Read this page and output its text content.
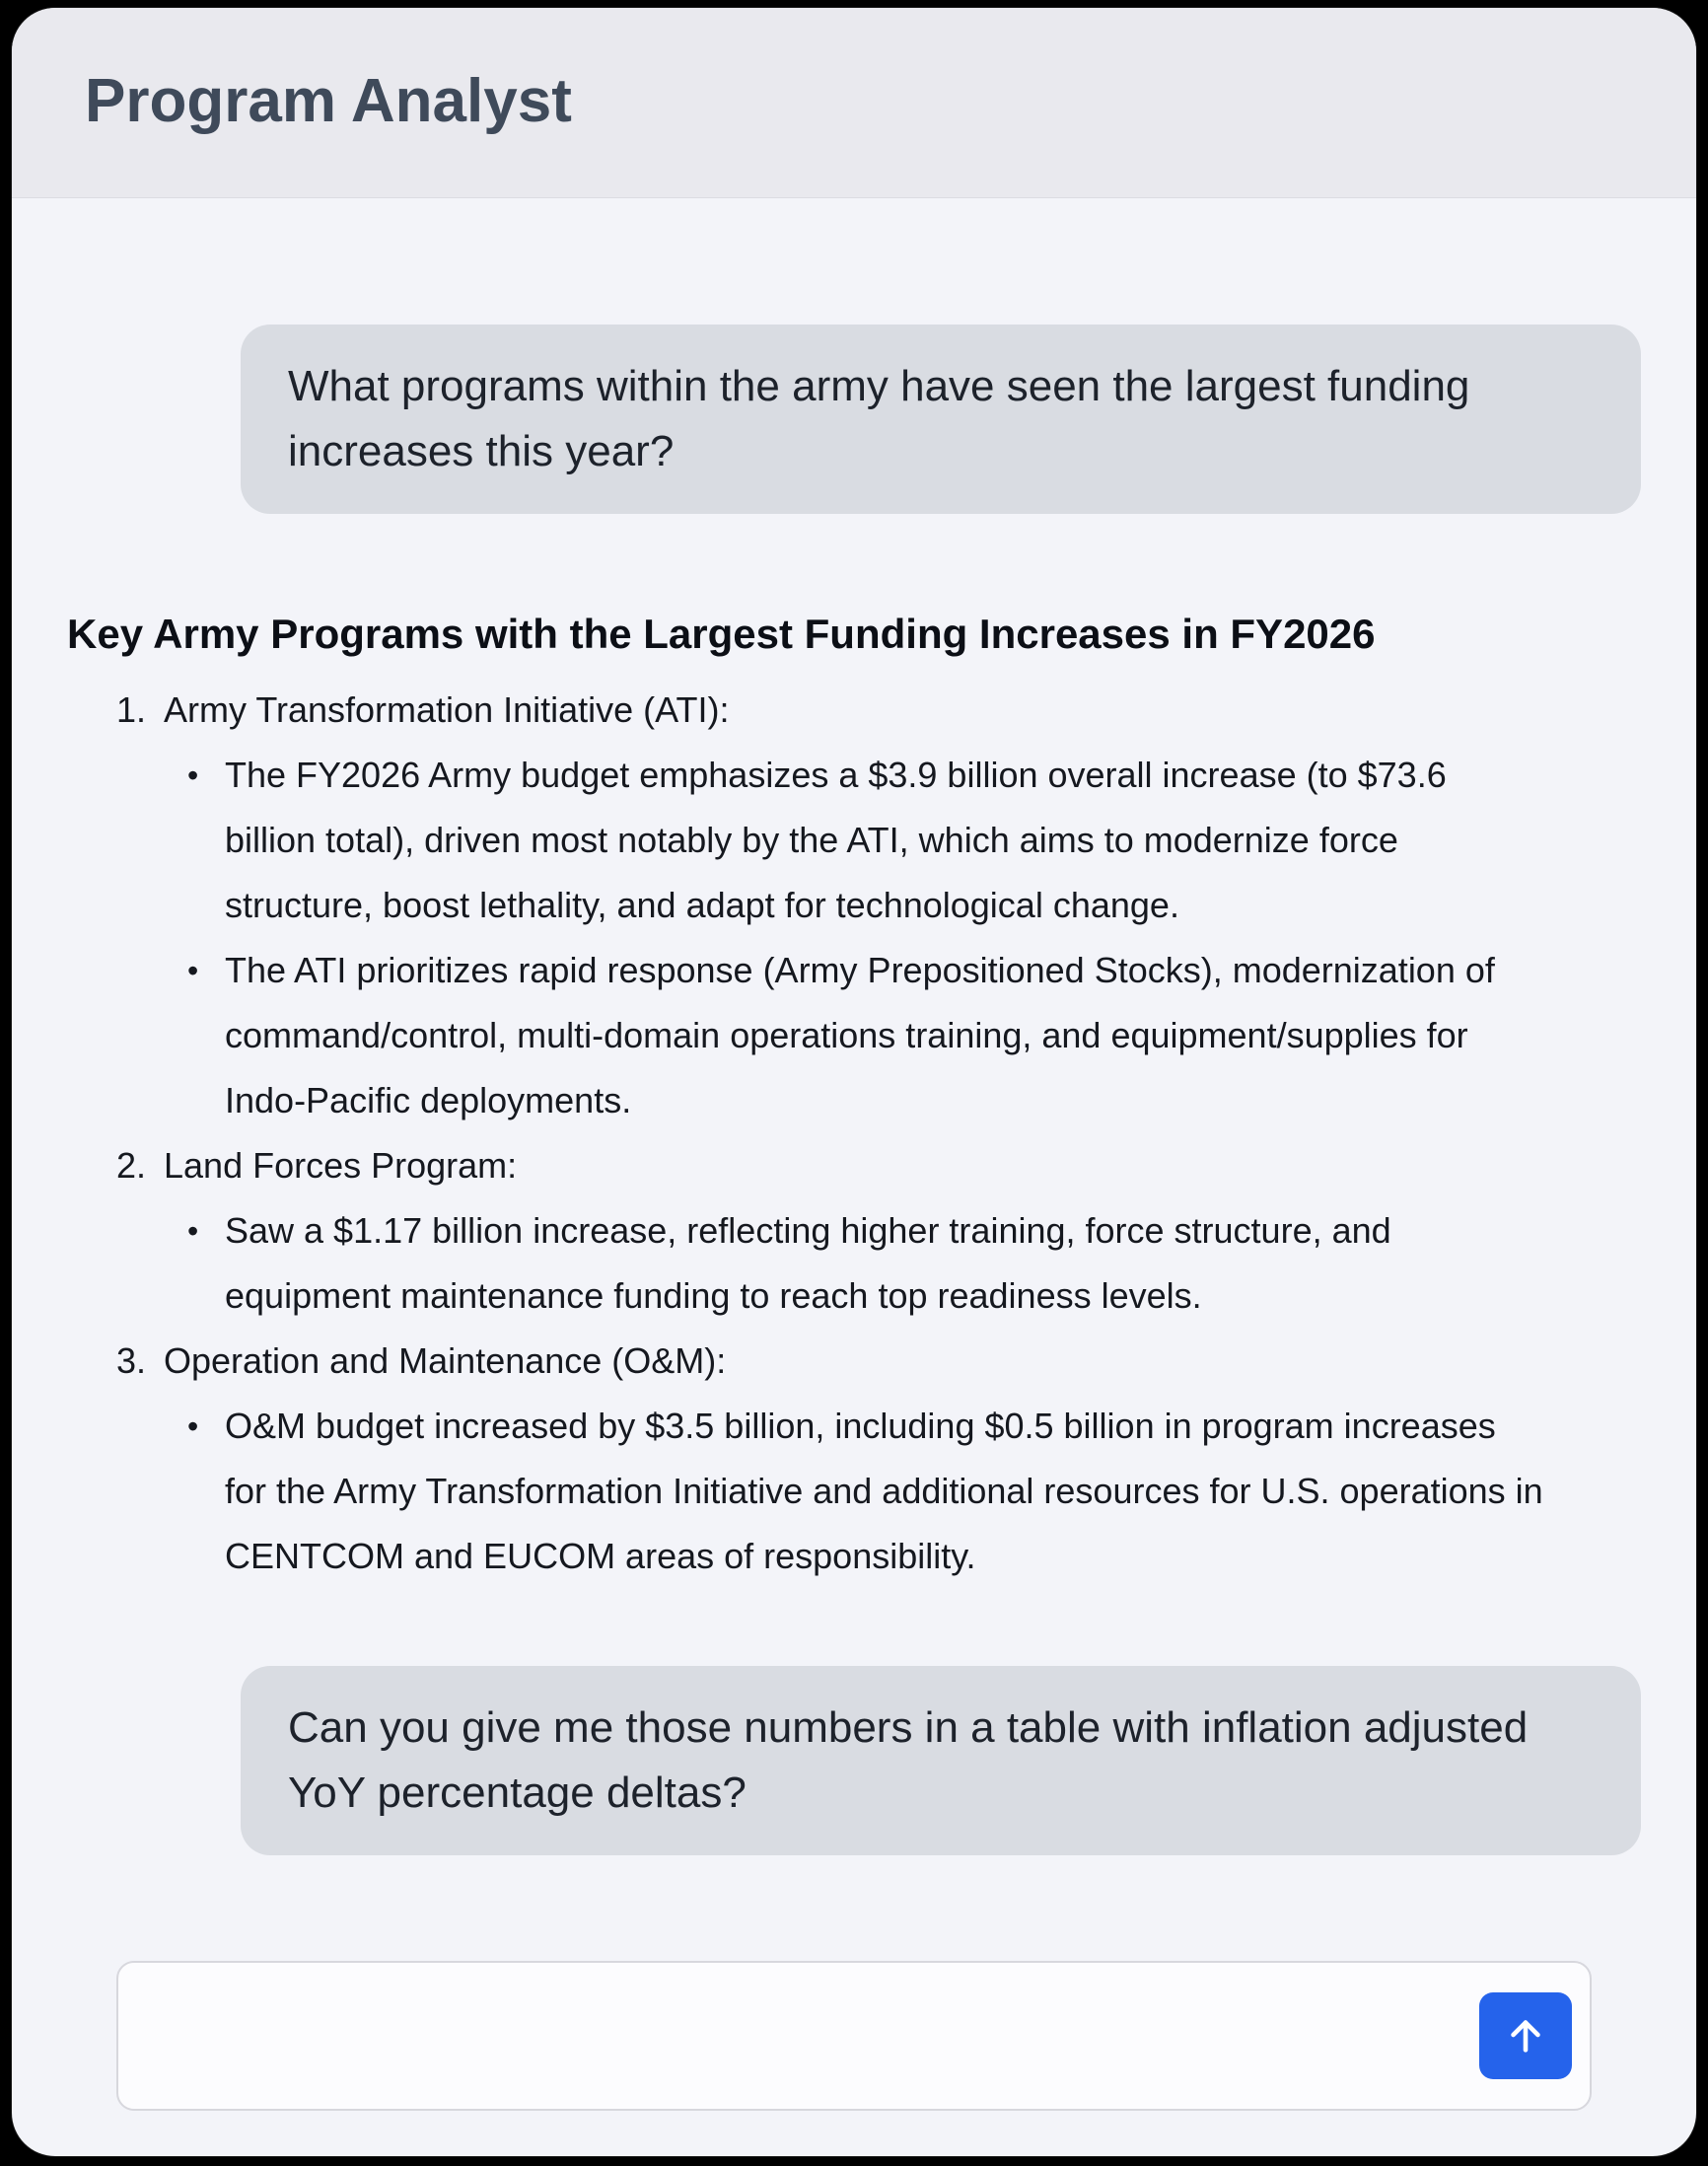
Program Analyst

What programs within the army have seen the largest funding increases this year?

Key Army Programs with the Largest Funding Increases in FY2026
1. Army Transformation Initiative (ATI):
• The FY2026 Army budget emphasizes a $3.9 billion overall increase (to $73.6 billion total), driven most notably by the ATI, which aims to modernize force structure, boost lethality, and adapt for technological change.
• The ATI prioritizes rapid response (Army Prepositioned Stocks), modernization of command/control, multi-domain operations training, and equipment/supplies for Indo-Pacific deployments.
2. Land Forces Program:
• Saw a $1.17 billion increase, reflecting higher training, force structure, and equipment maintenance funding to reach top readiness levels.
3. Operation and Maintenance (O&M):
• O&M budget increased by $3.5 billion, including $0.5 billion in program increases for the Army Transformation Initiative and additional resources for U.S. operations in CENTCOM and EUCOM areas of responsibility.

Can you give me those numbers in a table with inflation adjusted YoY percentage deltas?
